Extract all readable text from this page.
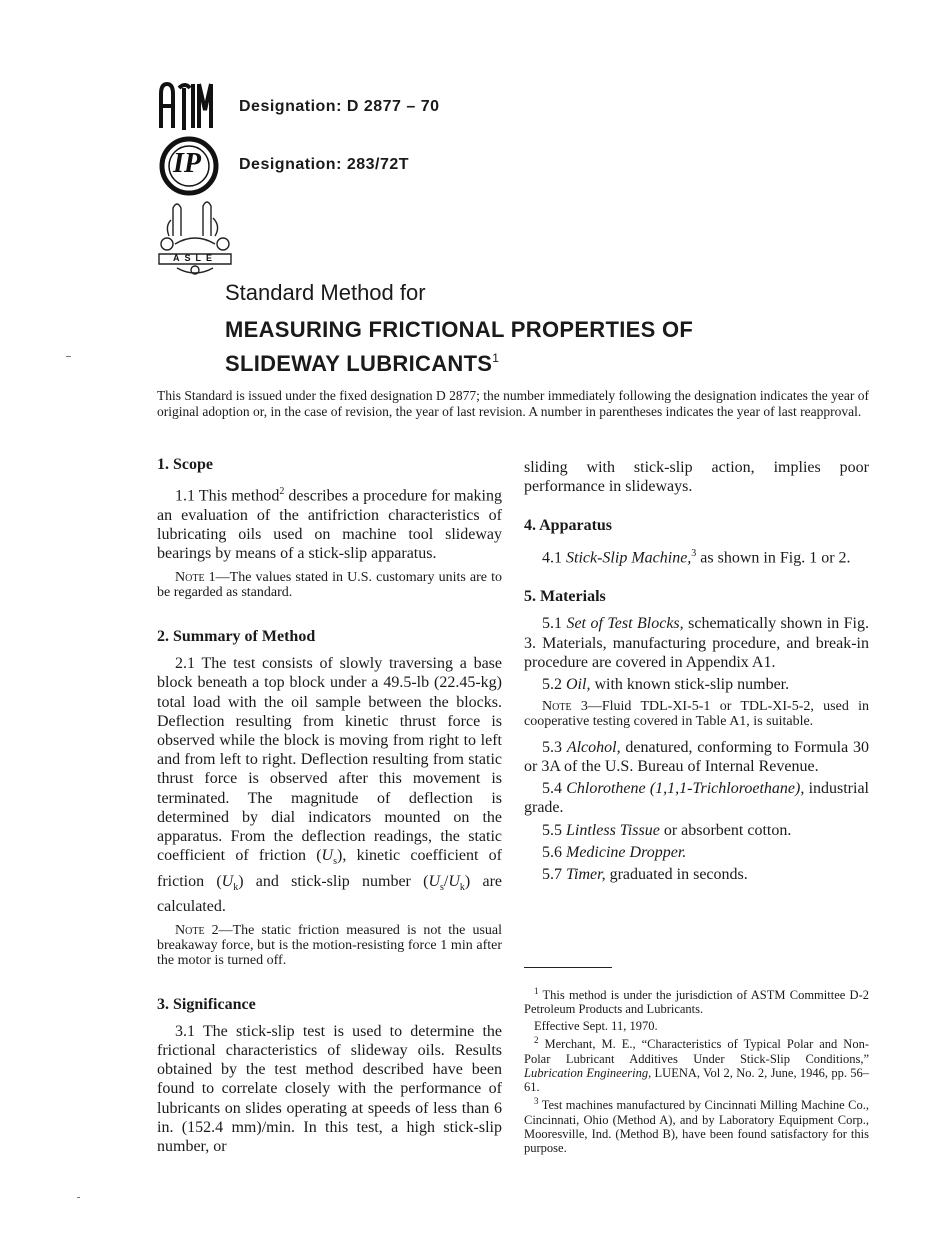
IP
ASLE
Designation: D 2877 – 70
Designation: 283/72T
Standard Method for
MEASURING FRICTIONAL PROPERTIES OF
SLIDEWAY LUBRICANTS$^1$
This Standard is issued under the fixed designation D 2877; the number immediately following the designation indicates the year of original adoption or, in the case of revision, the year of last revision. A number in parentheses indicates the year of last reapproval.

1. Scope

1.1 This method$^2$ describes a procedure for making an evaluation of the antifriction characteristics of lubricating oils used on machine tool slideway bearings by means of a stick-slip apparatus.

Note 1—The values stated in U.S. customary units are to be regarded as standard.

2. Summary of Method

2.1 The test consists of slowly traversing a base block beneath a top block under a 49.5-lb (22.45-kg) total load with the oil sample between the blocks. Deflection resulting from kinetic thrust force is observed while the block is moving from right to left and from left to right. Deflection resulting from static thrust force is observed after this movement is terminated. The magnitude of deflection is determined by dial indicators mounted on the apparatus. From the deflection readings, the static coefficient of friction $(U_s)$, kinetic coefficient of friction $(U_k)$ and stick-slip number $(U_s/U_k)$ are calculated.

Note 2—The static friction measured is not the usual breakaway force, but is the motion-resisting force 1 min after the motor is turned off.

3. Significance

3.1 The stick-slip test is used to determine the frictional characteristics of slideway oils. Results obtained by the test method described have been found to correlate closely with the performance of lubricants on slides operating at speeds of less than 6 in. (152.4 mm)/min. In this test, a high stick-slip number, or

sliding with stick-slip action, implies poor performance in slideways.

4. Apparatus

4.1 Stick-Slip Machine,$^3$ as shown in Fig. 1 or 2.

5. Materials

5.1 Set of Test Blocks, schematically shown in Fig. 3. Materials, manufacturing procedure, and break-in procedure are covered in Appendix A1.

5.2 Oil, with known stick-slip number.

Note 3—Fluid TDL-XI-5-1 or TDL-XI-5-2, used in cooperative testing covered in Table A1, is suitable.

5.3 Alcohol, denatured, conforming to Formula 30 or 3A of the U.S. Bureau of Internal Revenue.

5.4 Chlorothene (1,1,1-Trichloroethane), industrial grade.

5.5 Lintless Tissue or absorbent cotton.

5.6 Medicine Dropper.

5.7 Timer, graduated in seconds.

$^1$ This method is under the jurisdiction of ASTM Committee D-2 Petroleum Products and Lubricants.

Effective Sept. 11, 1970.

$^2$ Merchant, M. E., “Characteristics of Typical Polar and Non-Polar Lubricant Additives Under Stick-Slip Conditions,” Lubrication Engineering, LUENA, Vol 2, No. 2, June, 1946, pp. 56–61.

$^3$ Test machines manufactured by Cincinnati Milling Machine Co., Cincinnati, Ohio (Method A), and by Laboratory Equipment Corp., Mooresville, Ind. (Method B), have been found satisfactory for this purpose.
